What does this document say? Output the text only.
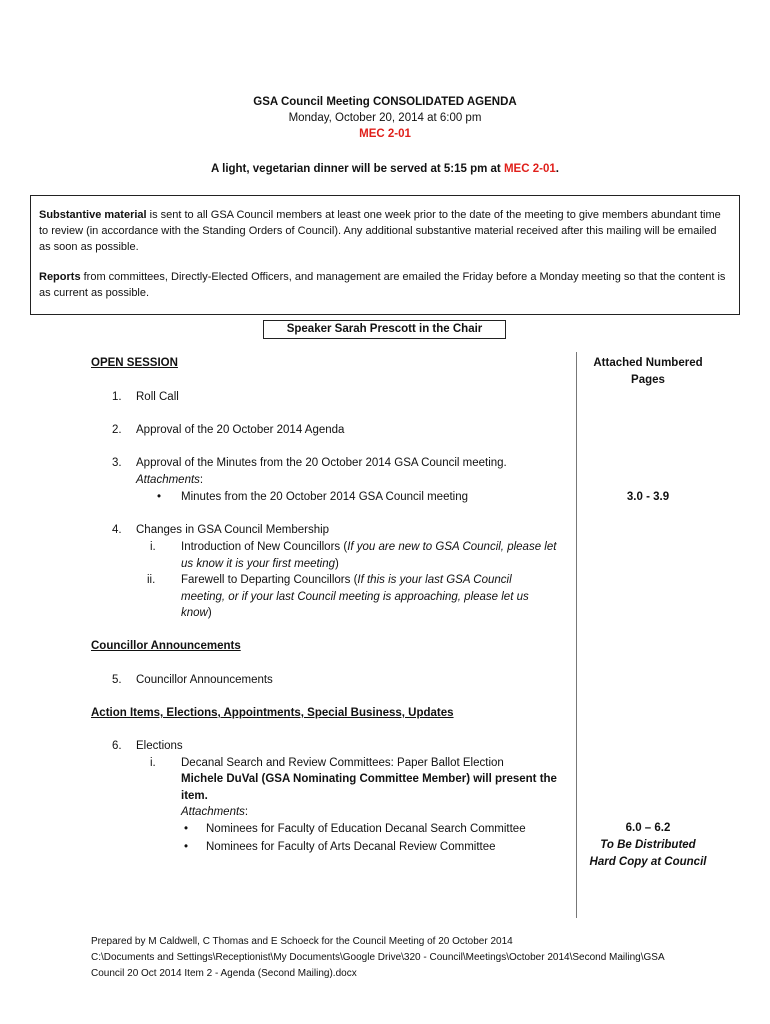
GSA Council Meeting CONSOLIDATED AGENDA
Monday, October 20, 2014 at 6:00 pm
MEC 2-01
A light, vegetarian dinner will be served at 5:15 pm at MEC 2-01.

Substantive material is sent to all GSA Council members at least one week prior to the date of the meeting to give members abundant time to review (in accordance with the Standing Orders of Council). Any additional substantive material received after this mailing will be emailed as soon as possible.

Reports from committees, Directly-Elected Officers, and management are emailed the Friday before a Monday meeting so that the content is as current as possible.

Speaker Sarah Prescott in the Chair
Attached Numbered
Pages
OPEN SESSION
1. Roll Call
2. Approval of the 20 October 2014 Agenda
3. Approval of the Minutes from the 20 October 2014 GSA Council meeting.
Attachments:
• Minutes from the 20 October 2014 GSA Council meeting	3.0 - 3.9
4. Changes in GSA Council Membership
i. Introduction of New Councillors (If you are new to GSA Council, please let us know it is your first meeting)
ii. Farewell to Departing Councillors (If this is your last GSA Council meeting, or if your last Council meeting is approaching, please let us know)
Councillor Announcements
5. Councillor Announcements
Action Items, Elections, Appointments, Special Business, Updates
6. Elections
i. Decanal Search and Review Committees: Paper Ballot Election
Michele DuVal (GSA Nominating Committee Member) will present the item.
Attachments:
• Nominees for Faculty of Education Decanal Search Committee
• Nominees for Faculty of Arts Decanal Review Committee
6.0 – 6.2
To Be Distributed
Hard Copy at Council
Prepared by M Caldwell, C Thomas and E Schoeck for the Council Meeting of 20 October 2014
C:\Documents and Settings\Receptionist\My Documents\Google Drive\320 - Council\Meetings\October 2014\Second Mailing\GSA Council 20 Oct 2014 Item 2 - Agenda (Second Mailing).docx
